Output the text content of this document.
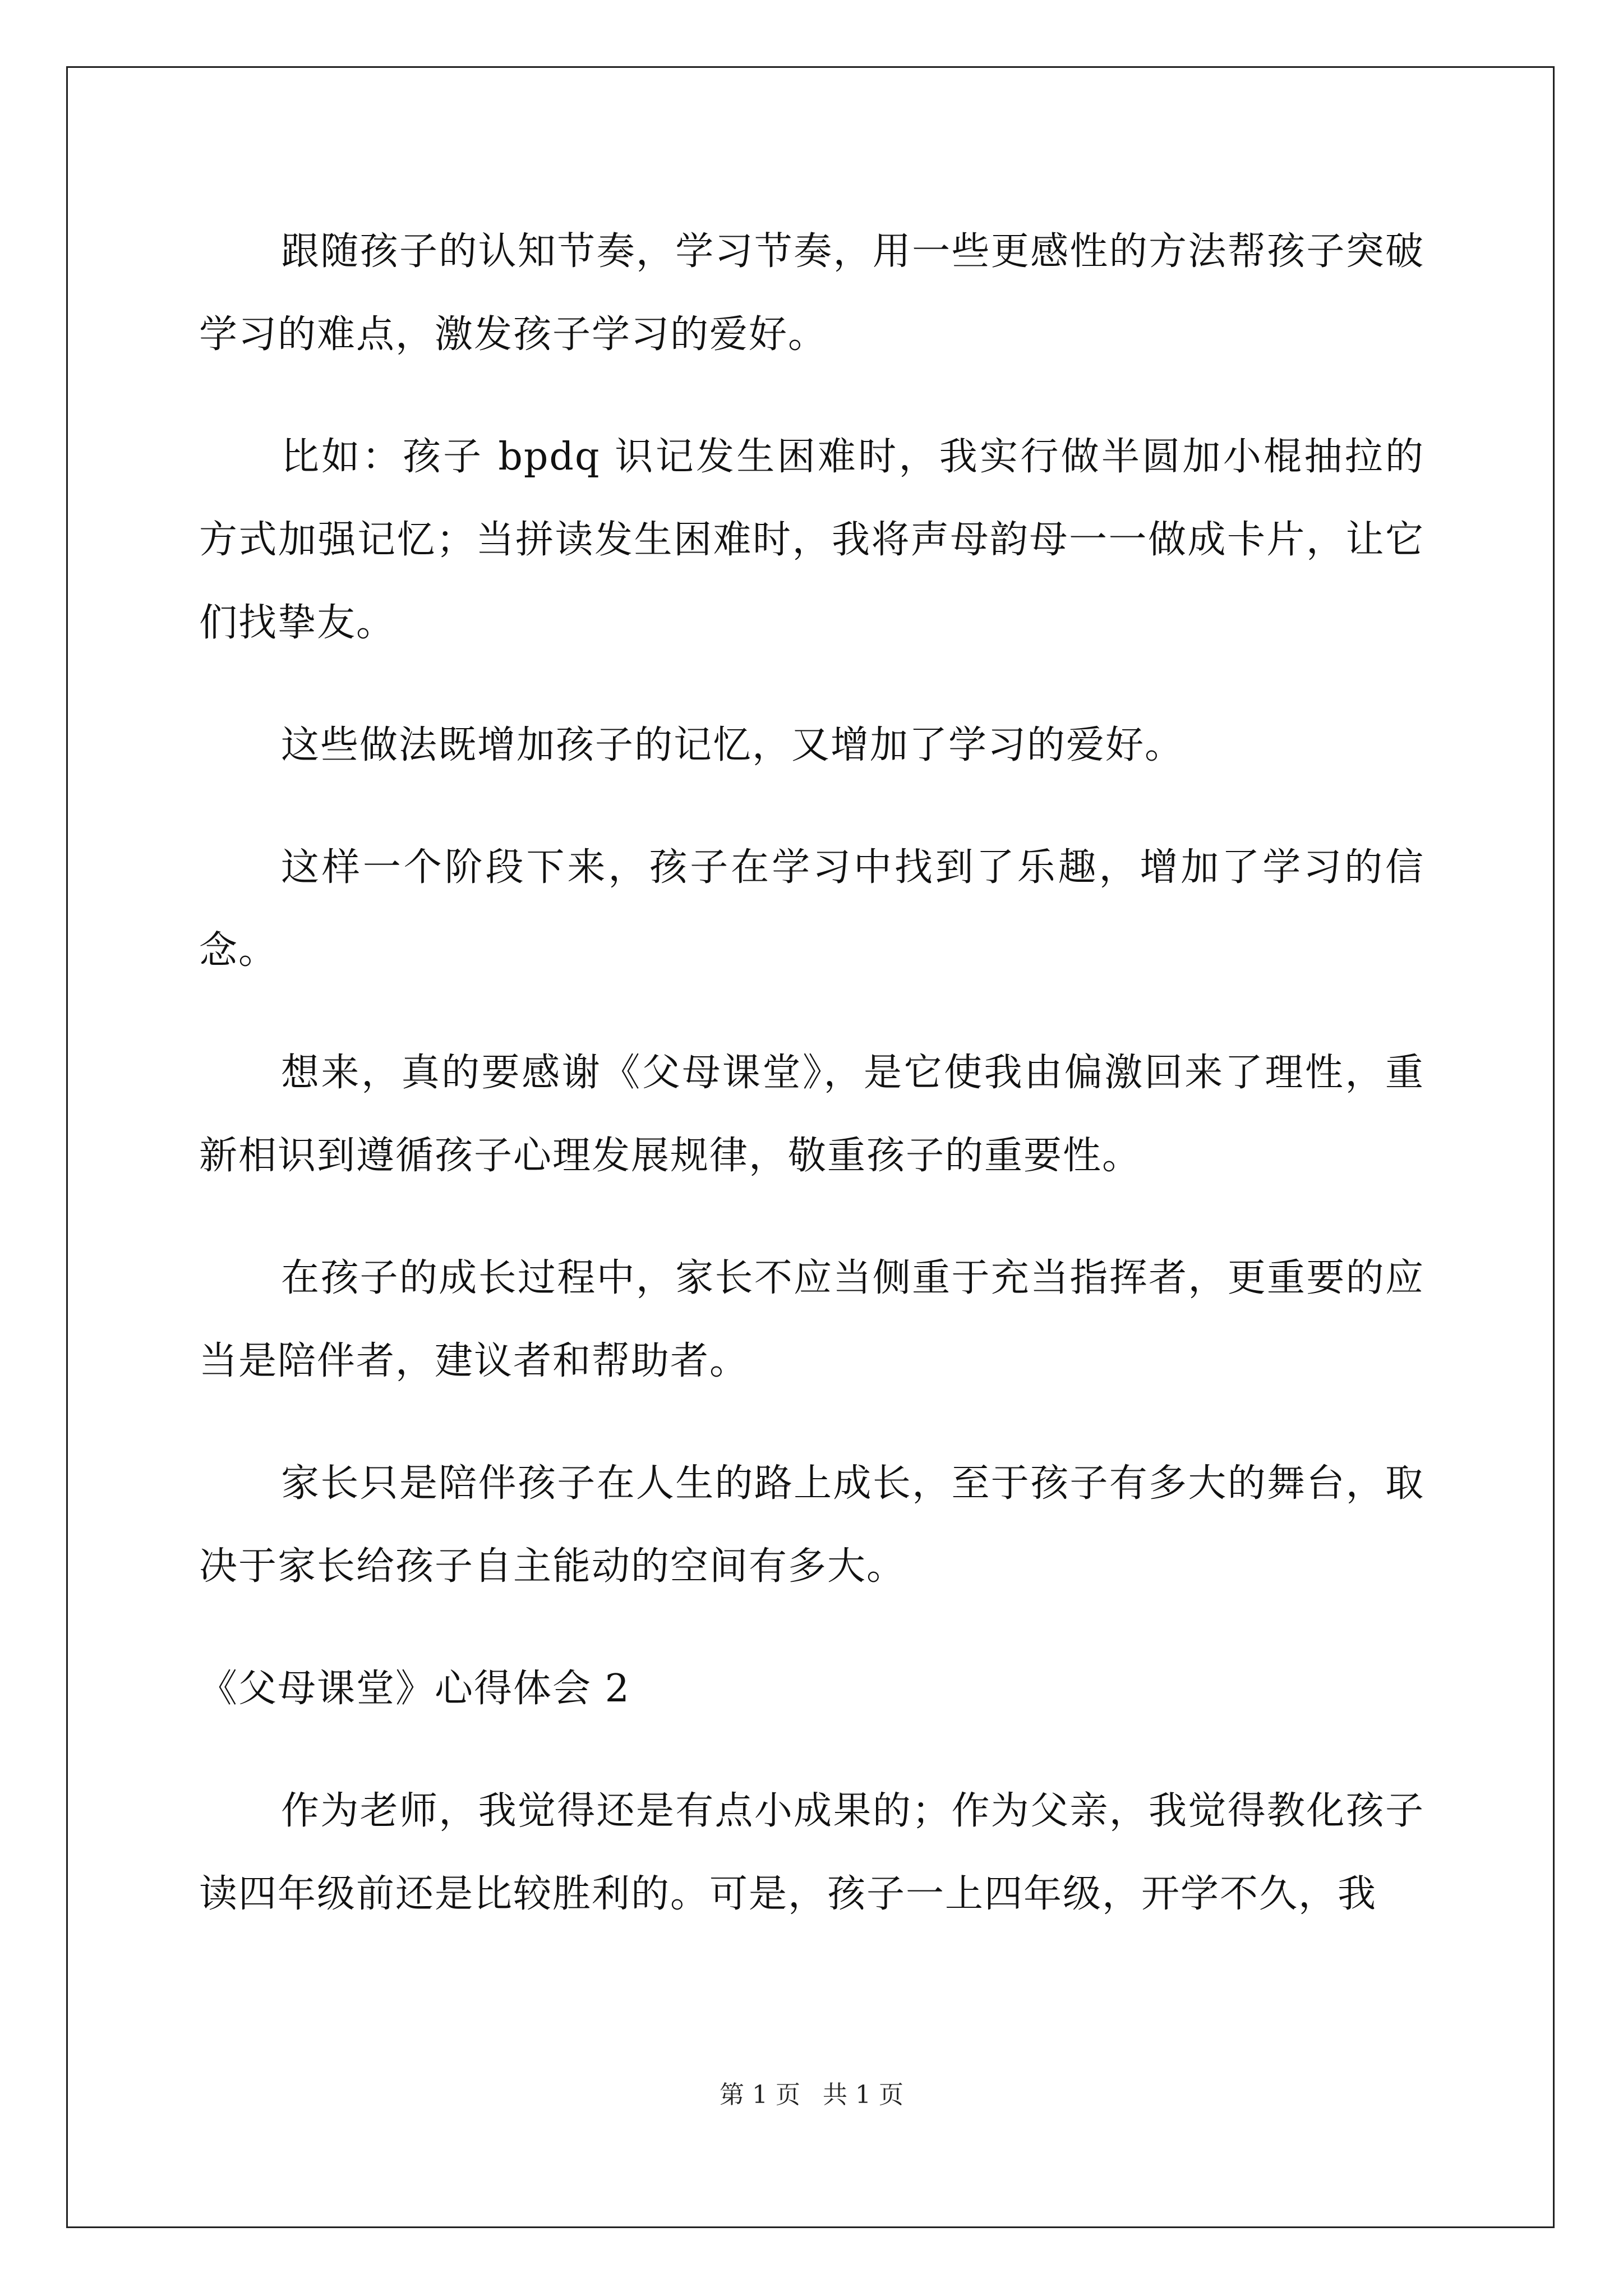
跟随孩子的认知节奏，学习节奏，用一些更感性的方法帮孩子突破学习的难点，激发孩子学习的爱好。

比如：孩子 bpdq 识记发生困难时，我实行做半圆加小棍抽拉的方式加强记忆；当拼读发生困难时，我将声母韵母一一做成卡片，让它们找挚友。

这些做法既增加孩子的记忆，又增加了学习的爱好。

这样一个阶段下来，孩子在学习中找到了乐趣，增加了学习的信念。

想来，真的要感谢《父母课堂》，是它使我由偏激回来了理性，重新相识到遵循孩子心理发展规律，敬重孩子的重要性。

在孩子的成长过程中，家长不应当侧重于充当指挥者，更重要的应当是陪伴者，建议者和帮助者。

家长只是陪伴孩子在人生的路上成长，至于孩子有多大的舞台，取决于家长给孩子自主能动的空间有多大。

《父母课堂》心得体会 2

作为老师，我觉得还是有点小成果的；作为父亲，我觉得教化孩子读四年级前还是比较胜利的。可是，孩子一上四年级，开学不久，我

第 1 页 共 1 页
